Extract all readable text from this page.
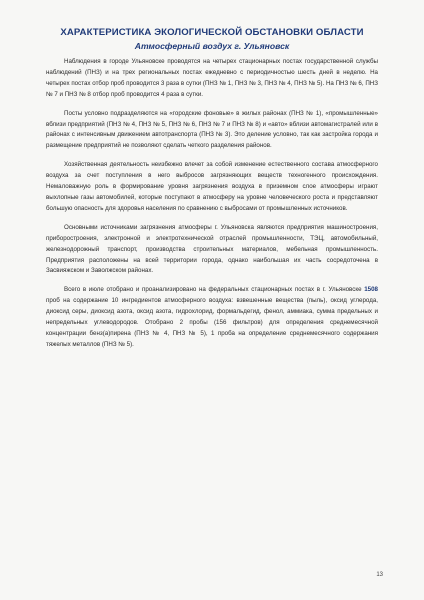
ХАРАКТЕРИСТИКА ЭКОЛОГИЧЕСКОЙ ОБСТАНОВКИ ОБЛАСТИ
Атмосферный воздух г. Ульяновск

Наблюдения в городе Ульяновске проводятся на четырех стационарных постах государственной службы наблюдений (ПНЗ) и на трех региональных постах ежедневно с периодичностью шесть дней в неделю. На четырех постах отбор проб проводится 3 раза в сутки (ПНЗ № 1, ПНЗ № 3, ПНЗ № 4, ПНЗ № 5). На ПНЗ № 6, ПНЗ № 7 и ПНЗ № 8 отбор проб проводится 4 раза в сутки.

Посты условно подразделяются на «городские фоновые» в жилых районах (ПНЗ № 1), «промышленные» вблизи предприятий (ПНЗ № 4, ПНЗ № 5, ПНЗ № 6, ПНЗ № 7 и ПНЗ № 8) и «авто» вблизи автомагистралей или в районах с интенсивным движением автотранспорта (ПНЗ № 3). Это деление условно, так как застройка города и размещение предприятий не позволяют сделать четкого разделения районов.

Хозяйственная деятельность неизбежно влечет за собой изменение естественного состава атмосферного воздуха за счет поступления в него выбросов загрязняющих веществ техногенного происхождения. Немаловажную роль в формирование уровня загрязнения воздуха в приземном слое атмосферы играют выхлопные газы автомобилей, которые поступают в атмосферу на уровне человеческого роста и представляют большую опасность для здоровья населения по сравнению с выбросами от промышленных источников.

Основными источниками загрязнения атмосферы г. Ульяновска являются предприятия машиностроения, приборостроения, электронной и электротехнической отраслей промышленности, ТЭЦ, автомобильный, железнодорожный транспорт, производства строительных материалов, мебельная промышленность. Предприятия расположены на всей территории города, однако наибольшая их часть сосредоточена в Засвияжском и Заволжском районах.

Всего в июле отобрано и проанализировано на федеральных стационарных постах в г. Ульяновске 1508 проб на содержание 10 ингредиентов атмосферного воздуха: взвешенные вещества (пыль), оксид углерода, диоксид серы, диоксид азота, оксид азота, гидрохлорид, формальдегид, фенол, аммиака, сумма предельных и непредельных углеводородов. Отобрано 2 пробы (156 фильтров) для определения среднемесячной концентрации бенз(а)пирена (ПНЗ № 4, ПНЗ № 5), 1 проба на определение среднемесячного содержания тяжелых металлов (ПНЗ № 5).

13
